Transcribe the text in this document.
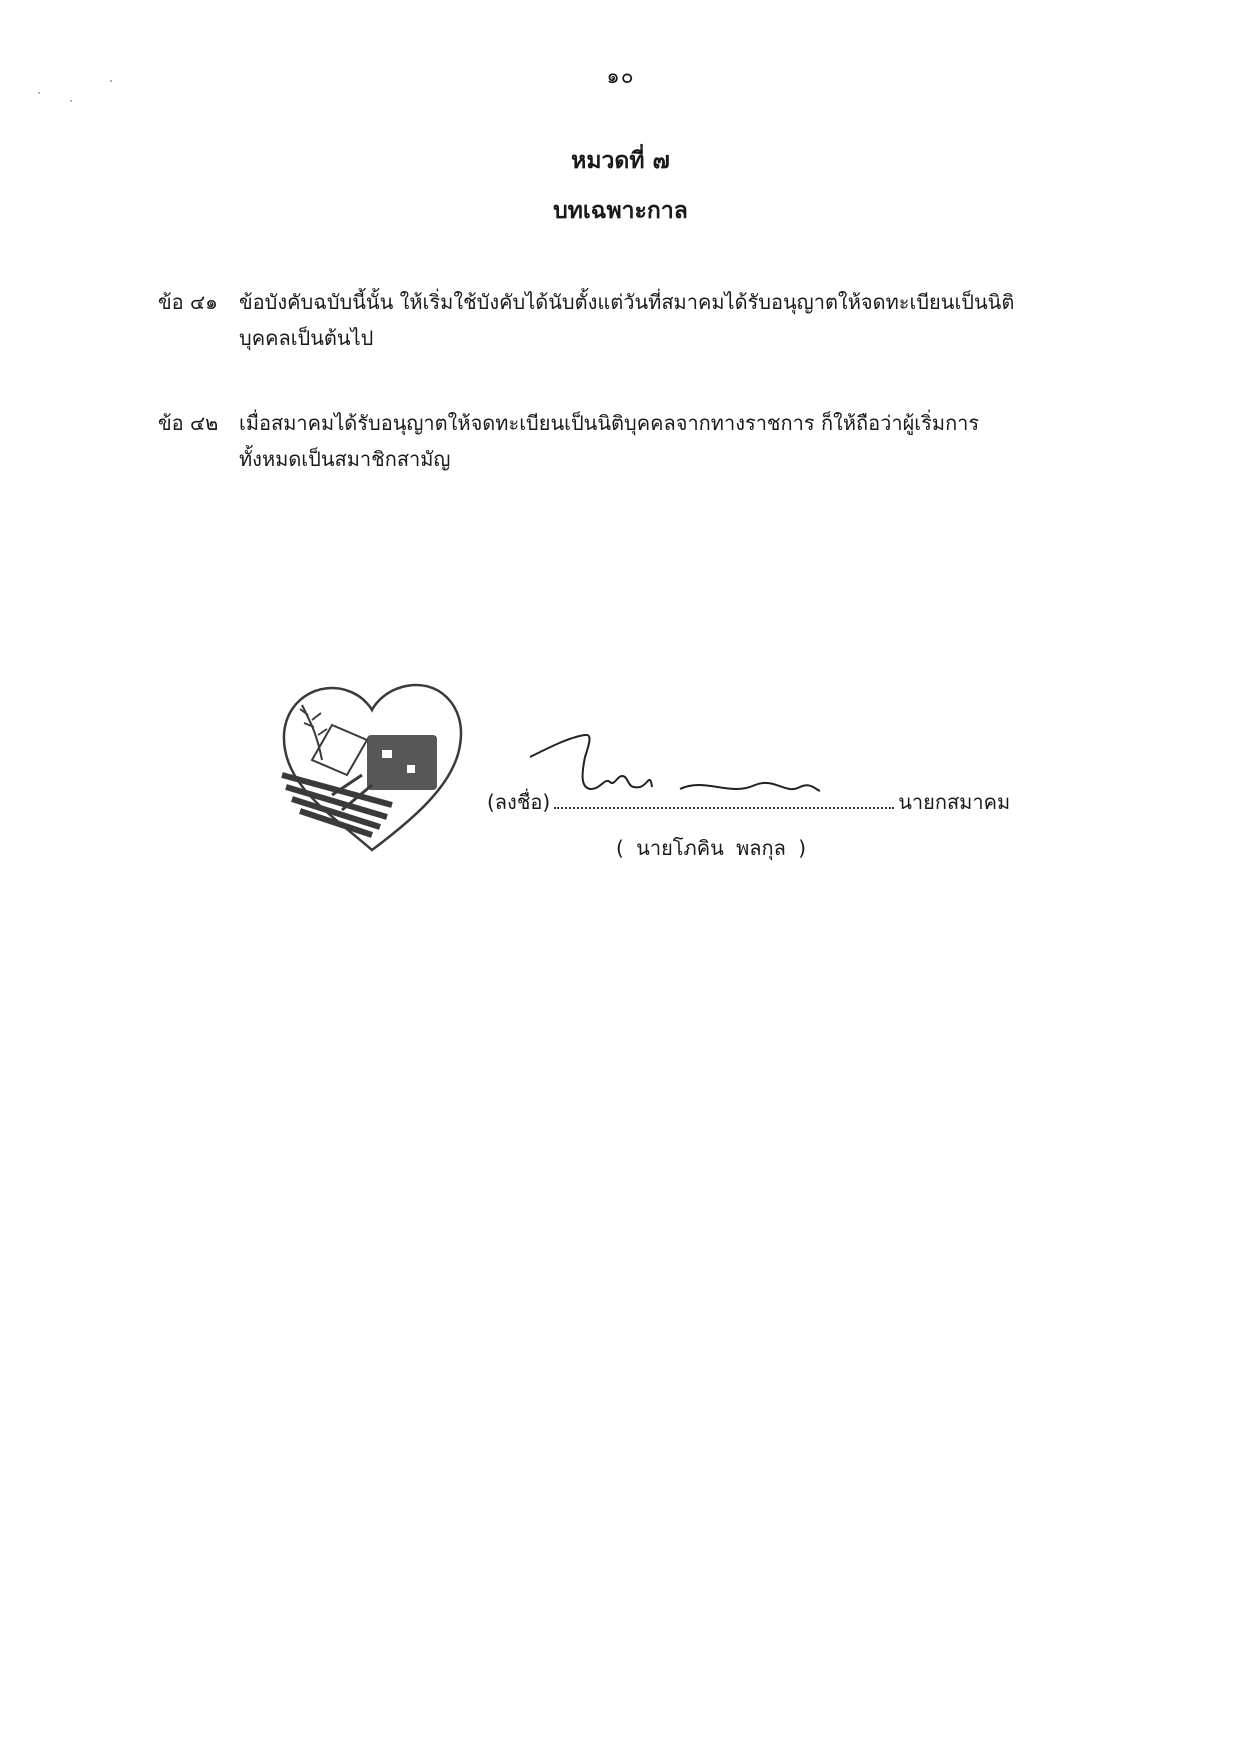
๑๐
หมวดที่ ๗
บทเฉพาะกาล
ข้อ ๔๑	ข้อบังคับฉบับนี้นั้น ให้เริ่มใช้บังคับได้นับตั้งแต่วันที่สมาคมได้รับอนุญาตให้จดทะเบียนเป็นนิติ
บุคคลเป็นต้นไป
ข้อ ๔๒	เมื่อสมาคมได้รับอนุญาตให้จดทะเบียนเป็นนิติบุคคลจากทางราชการ ก็ให้ถือว่าผู้เริ่มการ
ทั้งหมดเป็นสมาชิกสามัญ
(ลงชื่อ)	นายกสมาคม
( นายโภคิน พลกุล )
